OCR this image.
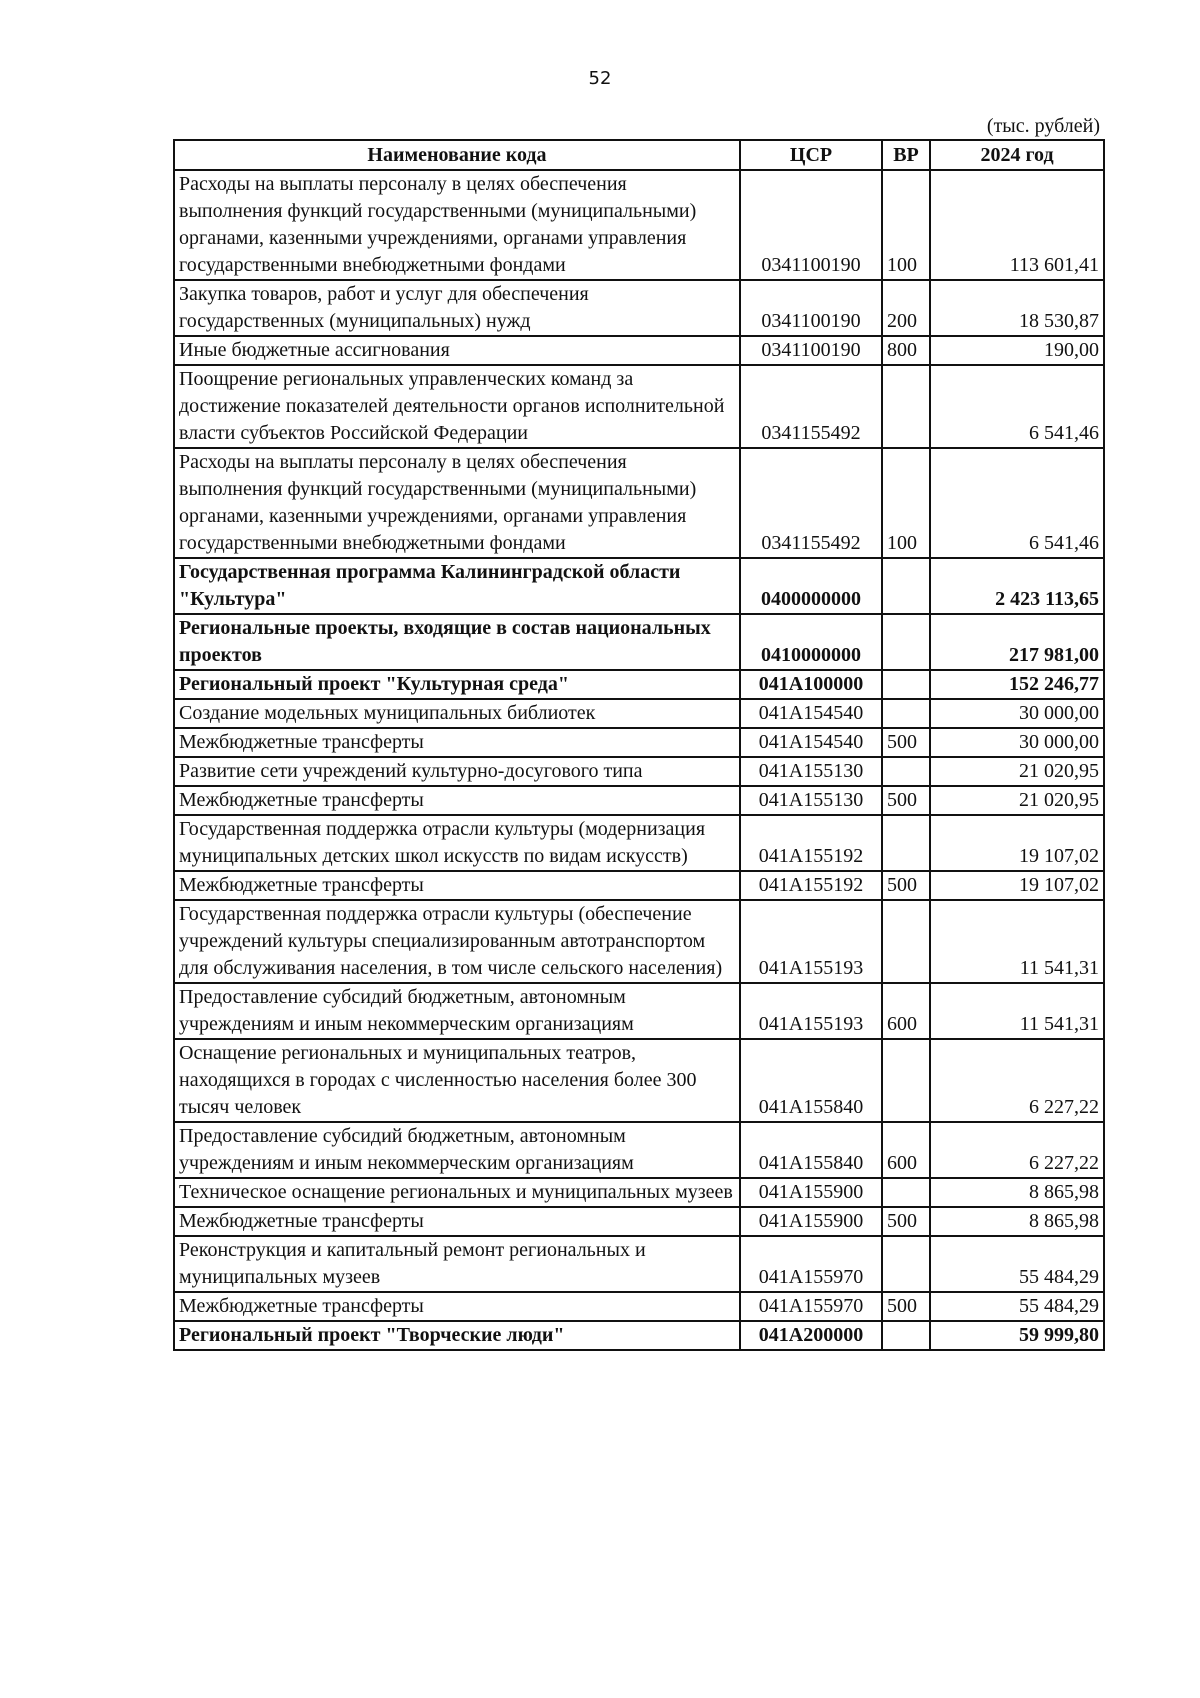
52
(тыс. рублей)
Наименование кода	ЦСР	ВР	2024 год
Расходы на выплаты персоналу в целях обеспечения выполнения функций государственными (муниципальными) органами, казенными учреждениями, органами управления государственными внебюджетными фондами	0341100190	100	113 601,41
Закупка товаров, работ и услуг для обеспечения государственных (муниципальных) нужд	0341100190	200	18 530,87
Иные бюджетные ассигнования	0341100190	800	190,00
Поощрение региональных управленческих команд за достижение показателей деятельности органов исполнительной власти субъектов Российской Федерации	0341155492		6 541,46
Расходы на выплаты персоналу в целях обеспечения выполнения функций государственными (муниципальными) органами, казенными учреждениями, органами управления государственными внебюджетными фондами	0341155492	100	6 541,46
Государственная программа Калининградской области "Культура"	0400000000		2 423 113,65
Региональные проекты, входящие в состав национальных проектов	0410000000		217 981,00
Региональный проект "Культурная среда"	041A100000		152 246,77
Создание модельных муниципальных библиотек	041A154540		30 000,00
Межбюджетные трансферты	041A154540	500	30 000,00
Развитие сети учреждений культурно-досугового типа	041A155130		21 020,95
Межбюджетные трансферты	041A155130	500	21 020,95
Государственная поддержка отрасли культуры (модернизация муниципальных детских школ искусств по видам искусств)	041A155192		19 107,02
Межбюджетные трансферты	041A155192	500	19 107,02
Государственная поддержка отрасли культуры (обеспечение учреждений культуры специализированным автотранспортом для обслуживания населения, в том числе сельского населения)	041A155193		11 541,31
Предоставление субсидий бюджетным, автономным учреждениям и иным некоммерческим организациям	041A155193	600	11 541,31
Оснащение региональных и муниципальных театров, находящихся в городах с численностью населения более 300 тысяч человек	041A155840		6 227,22
Предоставление субсидий бюджетным, автономным учреждениям и иным некоммерческим организациям	041A155840	600	6 227,22
Техническое оснащение региональных и муниципальных музеев	041A155900		8 865,98
Межбюджетные трансферты	041A155900	500	8 865,98
Реконструкция и капитальный ремонт региональных и муниципальных музеев	041A155970		55 484,29
Межбюджетные трансферты	041A155970	500	55 484,29
Региональный проект "Творческие люди"	041A200000		59 999,80
